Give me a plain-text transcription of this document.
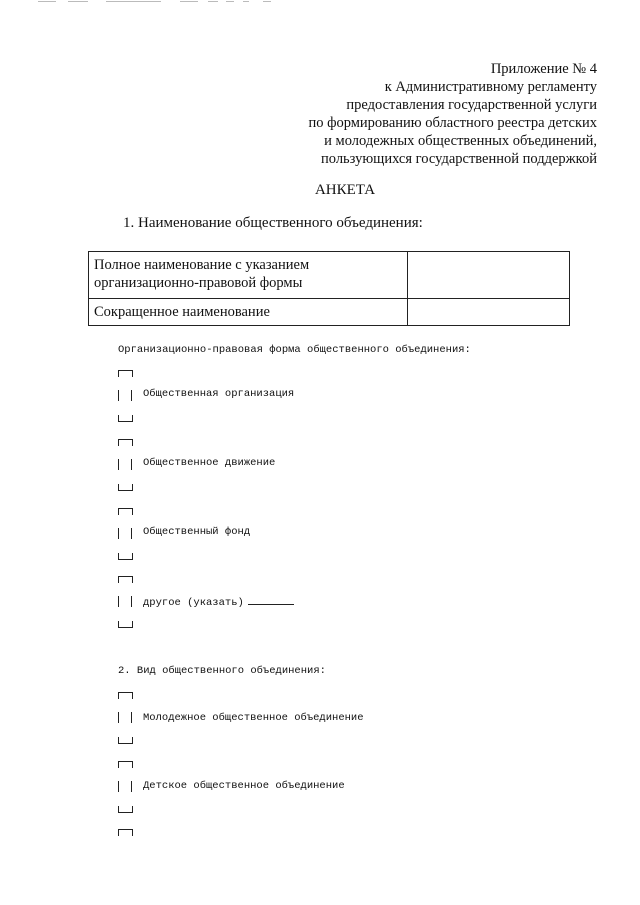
Приложение № 4
к Административному регламенту
предоставления государственной услуги
по формированию областного реестра детских
и молодежных общественных объединений,
пользующихся государственной поддержкой
АНКЕТА
1. Наименование общественного объединения:
Полное наименование с указанием
организационно-правовой формы	

Сокращенное наименование	

Организационно-правовая форма общественного объединения:
Общественная организация
Общественное движение
Общественный фонд
другое (указать)
2. Вид общественного объединения:
Молодежное общественное объединение
Детское общественное объединение
